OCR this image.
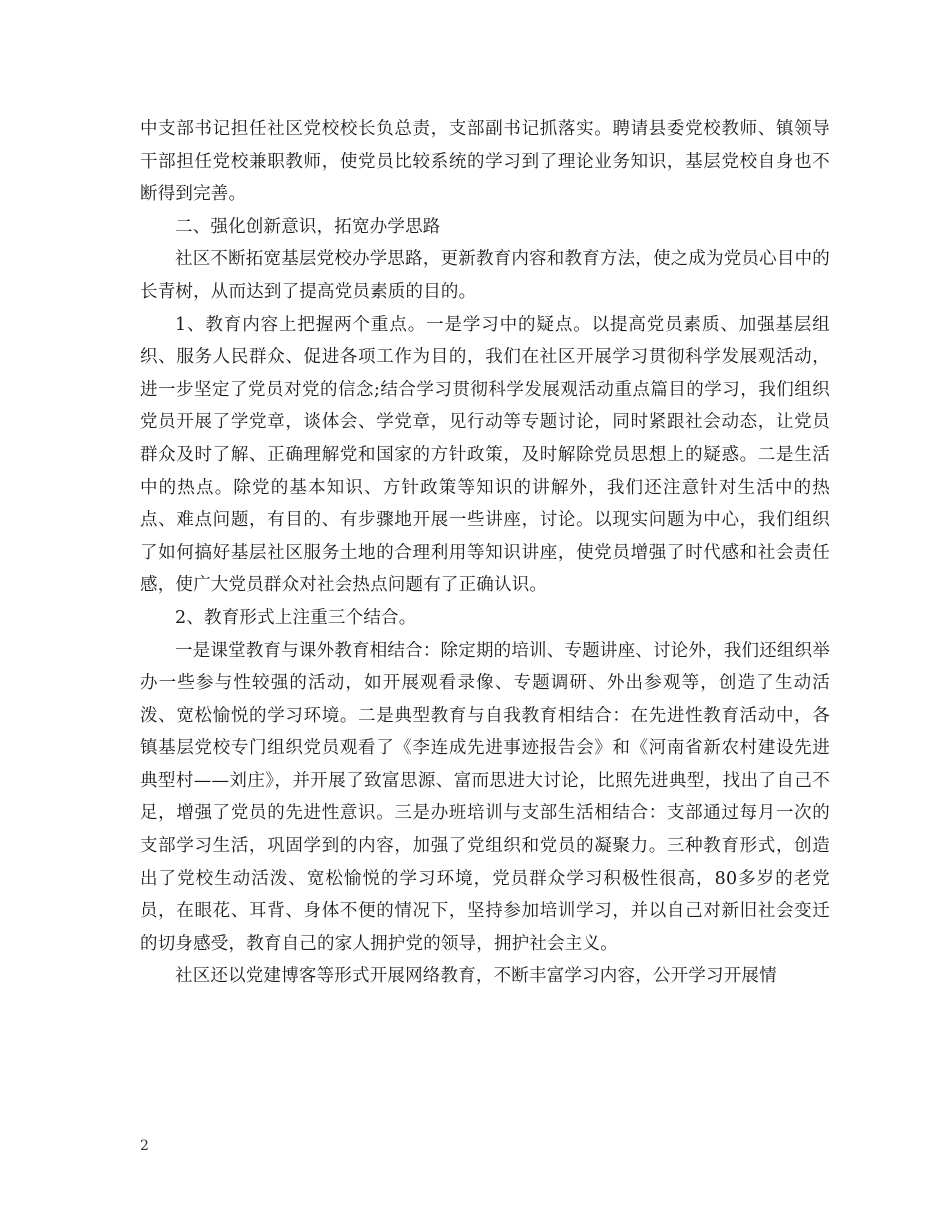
中支部书记担任社区党校校长负总责，支部副书记抓落实。聘请县委党校教师、镇领导干部担任党校兼职教师，使党员比较系统的学习到了理论业务知识，基层党校自身也不断得到完善。

二、强化创新意识，拓宽办学思路

社区不断拓宽基层党校办学思路，更新教育内容和教育方法，使之成为党员心目中的长青树，从而达到了提高党员素质的目的。

1、教育内容上把握两个重点。一是学习中的疑点。以提高党员素质、加强基层组织、服务人民群众、促进各项工作为目的，我们在社区开展学习贯彻科学发展观活动，进一步坚定了党员对党的信念;结合学习贯彻科学发展观活动重点篇目的学习，我们组织党员开展了学党章，谈体会、学党章，见行动等专题讨论，同时紧跟社会动态，让党员群众及时了解、正确理解党和国家的方针政策，及时解除党员思想上的疑惑。二是生活中的热点。除党的基本知识、方针政策等知识的讲解外，我们还注意针对生活中的热点、难点问题，有目的、有步骤地开展一些讲座，讨论。以现实问题为中心，我们组织了如何搞好基层社区服务土地的合理利用等知识讲座，使党员增强了时代感和社会责任感，使广大党员群众对社会热点问题有了正确认识。

2、教育形式上注重三个结合。

一是课堂教育与课外教育相结合：除定期的培训、专题讲座、讨论外，我们还组织举办一些参与性较强的活动，如开展观看录像、专题调研、外出参观等，创造了生动活泼、宽松愉悦的学习环境。二是典型教育与自我教育相结合：在先进性教育活动中，各镇基层党校专门组织党员观看了《李连成先进事迹报告会》和《河南省新农村建设先进典型村——刘庄》，并开展了致富思源、富而思进大讨论，比照先进典型，找出了自己不足，增强了党员的先进性意识。三是办班培训与支部生活相结合：支部通过每月一次的支部学习生活，巩固学到的内容，加强了党组织和党员的凝聚力。三种教育形式，创造出了党校生动活泼、宽松愉悦的学习环境，党员群众学习积极性很高，80多岁的老党员，在眼花、耳背、身体不便的情况下，坚持参加培训学习，并以自己对新旧社会变迁的切身感受，教育自己的家人拥护党的领导，拥护社会主义。

社区还以党建博客等形式开展网络教育，不断丰富学习内容，公开学习开展情

2
